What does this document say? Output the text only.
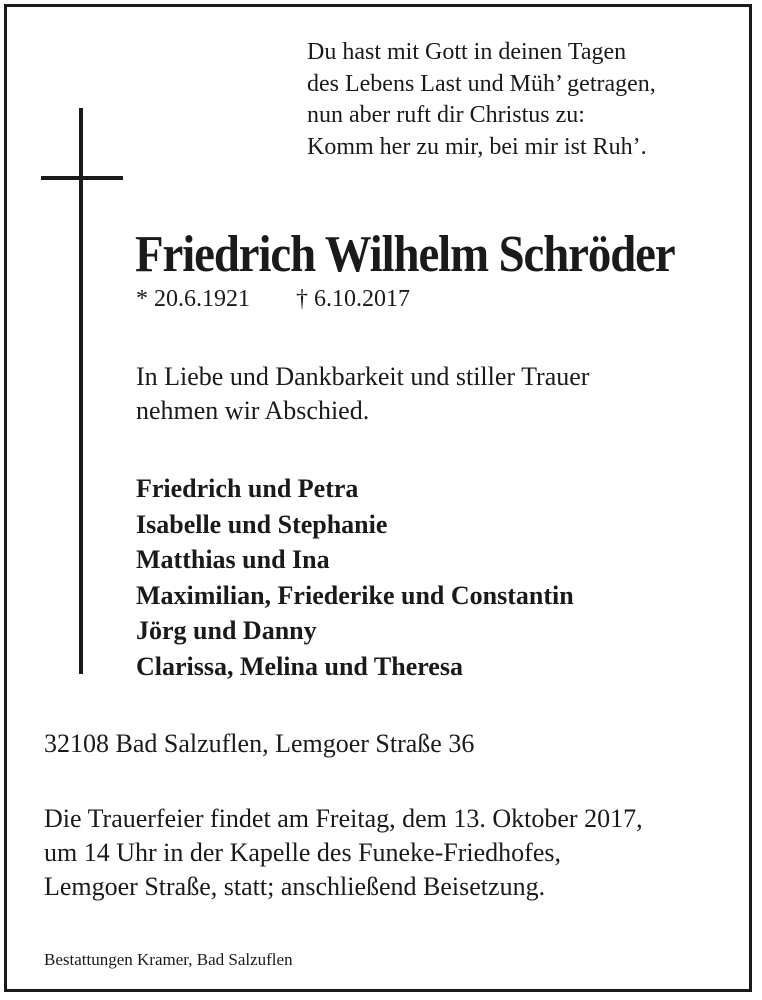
Du hast mit Gott in deinen Tagen
des Lebens Last und Müh’ getragen,
nun aber ruft dir Christus zu:
Komm her zu mir, bei mir ist Ruh’.
Friedrich Wilhelm Schröder
* 20.6.1921 † 6.10.2017
In Liebe und Dankbarkeit und stiller Trauer
nehmen wir Abschied.
Friedrich und Petra
Isabelle und Stephanie
Matthias und Ina
Maximilian, Friederike und Constantin
Jörg und Danny
Clarissa, Melina und Theresa
32108 Bad Salzuflen, Lemgoer Straße 36
Die Trauerfeier findet am Freitag, dem 13. Oktober 2017,
um 14 Uhr in der Kapelle des Funeke-Friedhofes,
Lemgoer Straße, statt; anschließend Beisetzung.
Bestattungen Kramer, Bad Salzuflen
